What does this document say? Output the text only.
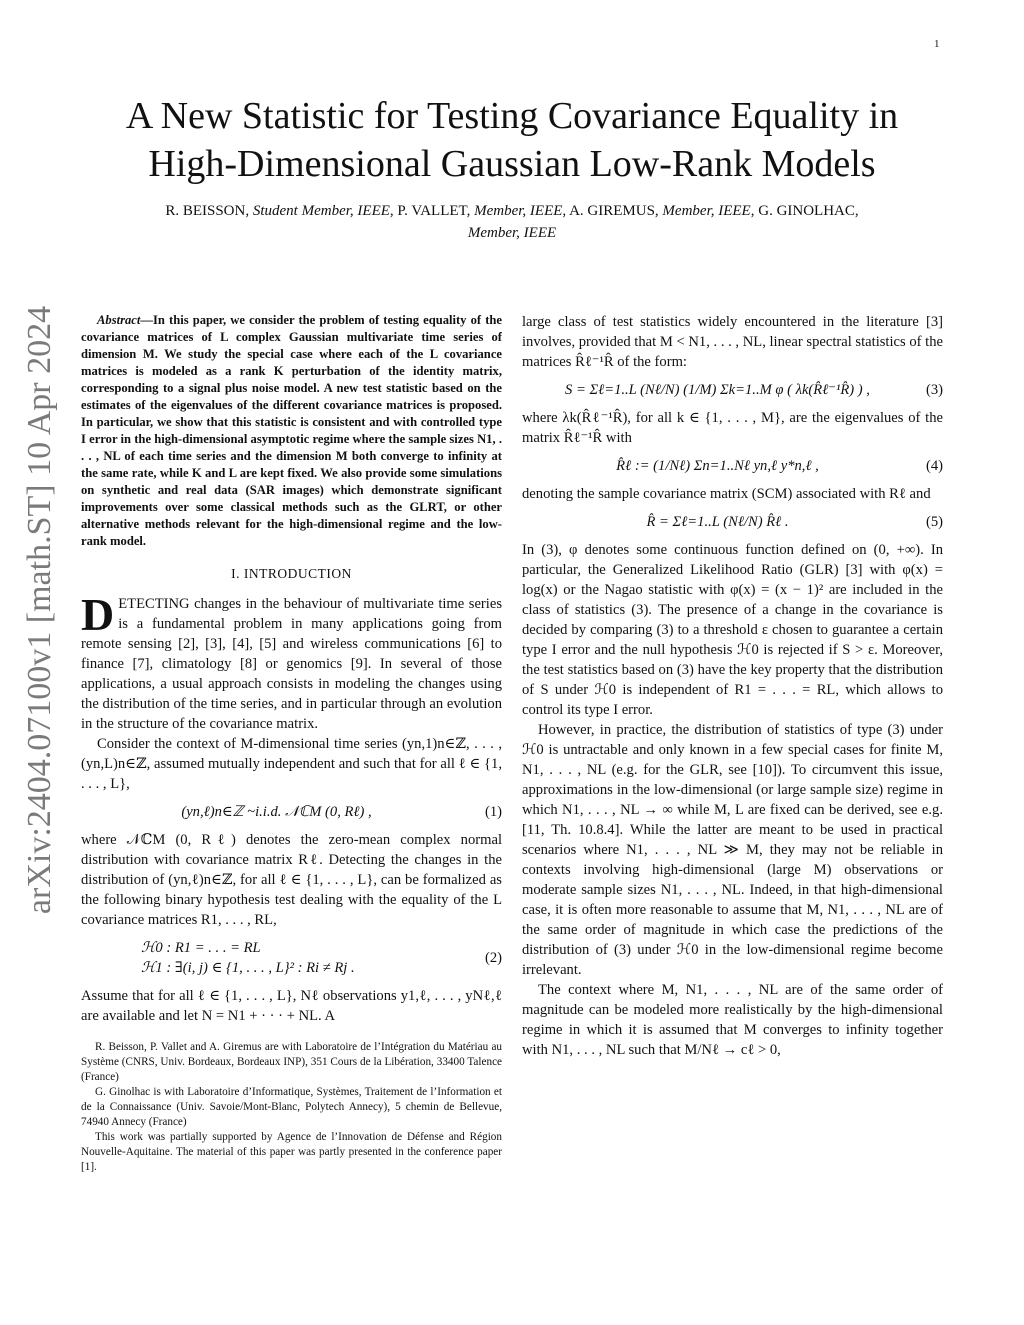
1
arXiv:2404.07100v1 [math.ST] 10 Apr 2024
A New Statistic for Testing Covariance Equality in
High-Dimensional Gaussian Low-Rank Models
R. BEISSON, Student Member, IEEE, P. VALLET, Member, IEEE, A. GIREMUS, Member, IEEE, G. GINOLHAC,
Member, IEEE

Abstract—In this paper, we consider the problem of testing equality of the covariance matrices of L complex Gaussian multivariate time series of dimension M. We study the special case where each of the L covariance matrices is modeled as a rank K perturbation of the identity matrix, corresponding to a signal plus noise model. A new test statistic based on the estimates of the eigenvalues of the different covariance matrices is proposed. In particular, we show that this statistic is consistent and with controlled type I error in the high-dimensional asymptotic regime where the sample sizes N1, . . . , NL of each time series and the dimension M both converge to infinity at the same rate, while K and L are kept fixed. We also provide some simulations on synthetic and real data (SAR images) which demonstrate significant improvements over some classical methods such as the GLRT, or other alternative methods relevant for the high-dimensional regime and the low-rank model.

I. INTRODUCTION

DETECTING changes in the behaviour of multivariate time series is a fundamental problem in many applications going from remote sensing [2], [3], [4], [5] and wireless communications [6] to finance [7], climatology [8] or genomics [9]. In several of those applications, a usual approach consists in modeling the changes using the distribution of the time series, and in particular through an evolution in the structure of the covariance matrix.

Consider the context of M-dimensional time series (yn,1)n∈ℤ, . . . , (yn,L)n∈ℤ, assumed mutually independent and such that for all ℓ ∈ {1, . . . , L},

(yn,ℓ)n∈ℤ ~i.i.d. 𝒩ℂM (0, Rℓ) ,	(1)

where 𝒩ℂM (0, Rℓ) denotes the zero-mean complex normal distribution with covariance matrix Rℓ. Detecting the changes in the distribution of (yn,ℓ)n∈ℤ, for all ℓ ∈ {1, . . . , L}, can be formalized as the following binary hypothesis test dealing with the equality of the L covariance matrices R1, . . . , RL,

ℋ0 : R1 = . . . = RL
ℋ1 : ∃(i, j) ∈ {1, . . . , L}² : Ri ≠ Rj .
(2)

Assume that for all ℓ ∈ {1, . . . , L}, Nℓ observations y1,ℓ, . . . , yNℓ,ℓ are available and let N = N1 + · · · + NL. A

R. Beisson, P. Vallet and A. Giremus are with Laboratoire de l’Intégration du Matériau au Système (CNRS, Univ. Bordeaux, Bordeaux INP), 351 Cours de la Libération, 33400 Talence (France)

G. Ginolhac is with Laboratoire d’Informatique, Systèmes, Traitement de l’Information et de la Connaissance (Univ. Savoie/Mont-Blanc, Polytech Annecy), 5 chemin de Bellevue, 74940 Annecy (France)

This work was partially supported by Agence de l’Innovation de Défense and Région Nouvelle-Aquitaine. The material of this paper was partly presented in the conference paper [1].

large class of test statistics widely encountered in the literature [3] involves, provided that M < N1, . . . , NL, linear spectral statistics of the matrices R̂ℓ⁻¹R̂ of the form:

S = Σℓ=1..L (Nℓ/N) (1/M) Σk=1..M φ ( λk(R̂ℓ⁻¹R̂) ) ,	(3)

where λk(R̂ℓ⁻¹R̂), for all k ∈ {1, . . . , M}, are the eigenvalues of the matrix R̂ℓ⁻¹R̂ with

R̂ℓ := (1/Nℓ) Σn=1..Nℓ yn,ℓ y*n,ℓ ,	(4)

denoting the sample covariance matrix (SCM) associated with Rℓ and

R̂ = Σℓ=1..L (Nℓ/N) R̂ℓ .	(5)

In (3), φ denotes some continuous function defined on (0, +∞). In particular, the Generalized Likelihood Ratio (GLR) [3] with φ(x) = log(x) or the Nagao statistic with φ(x) = (x − 1)² are included in the class of statistics (3). The presence of a change in the covariance is decided by comparing (3) to a threshold ε chosen to guarantee a certain type I error and the null hypothesis ℋ0 is rejected if S > ε. Moreover, the test statistics based on (3) have the key property that the distribution of S under ℋ0 is independent of R1 = . . . = RL, which allows to control its type I error.

However, in practice, the distribution of statistics of type (3) under ℋ0 is untractable and only known in a few special cases for finite M, N1, . . . , NL (e.g. for the GLR, see [10]). To circumvent this issue, approximations in the low-dimensional (or large sample size) regime in which N1, . . . , NL → ∞ while M, L are fixed can be derived, see e.g. [11, Th. 10.8.4]. While the latter are meant to be used in practical scenarios where N1, . . . , NL ≫ M, they may not be reliable in contexts involving high-dimensional (large M) observations or moderate sample sizes N1, . . . , NL. Indeed, in that high-dimensional case, it is often more reasonable to assume that M, N1, . . . , NL are of the same order of magnitude in which case the predictions of the distribution of (3) under ℋ0 in the low-dimensional regime become irrelevant.

The context where M, N1, . . . , NL are of the same order of magnitude can be modeled more realistically by the high-dimensional regime in which it is assumed that M converges to infinity together with N1, . . . , NL such that M/Nℓ → cℓ > 0,
